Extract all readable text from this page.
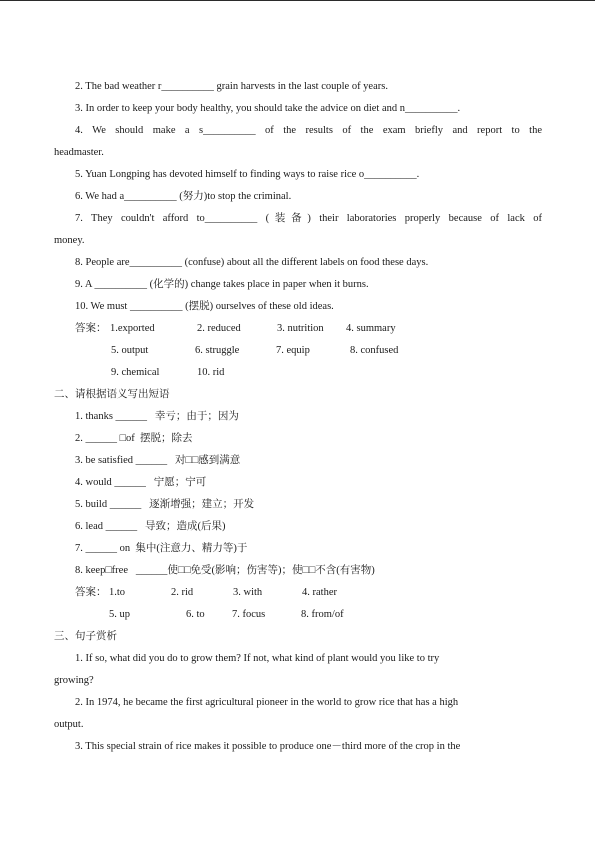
2. The bad weather r__________ grain harvests in the last couple of years.
3. In order to keep your body healthy, you should take the advice on diet and n__________.
4. We should make a s__________ of the results of the exam briefly and report to the
headmaster.
5. Yuan Longping has devoted himself to finding ways to raise rice o__________.
6. We had a__________ (努力)to stop the criminal.
7. They couldn't afford to__________ (装备) their laboratories properly because of lack of
money.
8. People are__________ (confuse) about all the different labels on food these days.
9. A __________ (化学的) change takes place in paper when it burns.
10. We must __________ (摆脱) ourselves of these old ideas.
答案： 1.exported	2. reduced	3. nutrition	4. summary
5. output	6. struggle	7. equip	8. confused
9. chemical	10. rid
二、请根据语义写出短语
1. thanks ______   幸亏；由于；因为
2. ______ □of  摆脱；除去
3. be satisfied ______   对□□感到满意
4. would ______   宁愿；宁可
5. build ______   逐渐增强；建立；开发
6. lead ______   导致；造成(后果)
7. ______ on  集中(注意力、精力等)于
8. keep□free   ______使□□免受(影响；伤害等)；使□□不含(有害物)
答案： 1.to	2. rid	3. with	4. rather
5. up	6. to	7. focus	8. from/of
三、句子赏析
1. If so, what did you do to grow them? If not, what kind of plant would you like to try
growing?
2. In 1974, he became the first agricultural pioneer in the world to grow rice that has a high
output.
3. This special strain of rice makes it possible to produce one－third more of the crop in the
